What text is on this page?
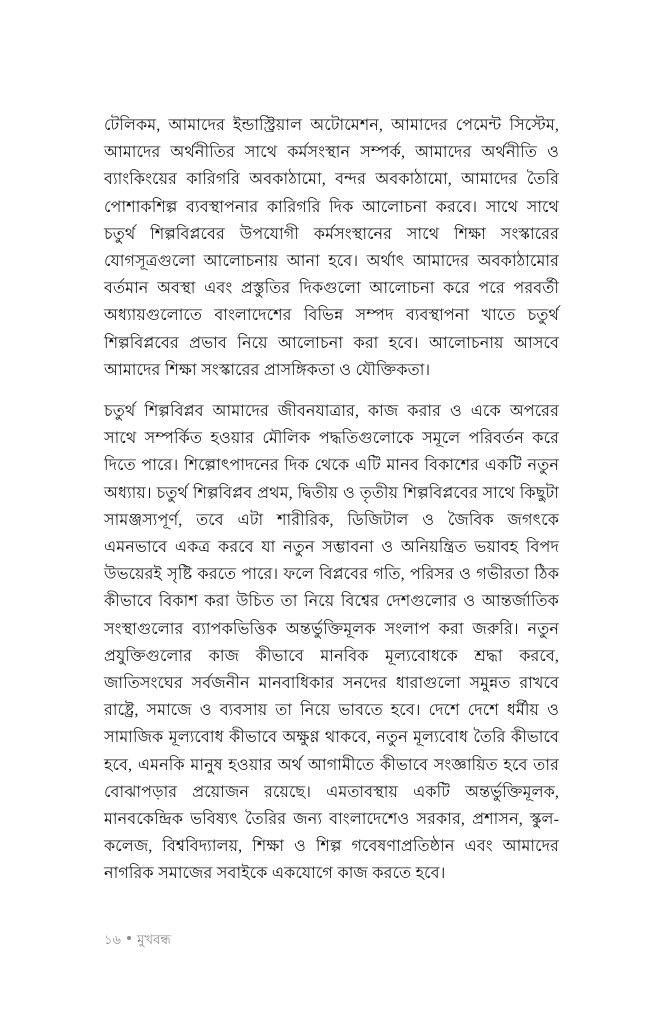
টেলিকম, আমাদের ইন্ডাস্ট্রিয়াল অটোমেশন, আমাদের পেমেন্ট সিস্টেম, আমাদের অর্থনীতির সাথে কর্মসংস্থান সম্পর্ক, আমাদের অর্থনীতি ও ব্যাংকিংয়ের কারিগরি অবকাঠামো, বন্দর অবকাঠামো, আমাদের তৈরি পোশাকশিল্প ব্যবস্থাপনার কারিগরি দিক আলোচনা করবে। সাথে সাথে চতুর্থ শিল্পবিপ্লবের উপযোগী কর্মসংস্থানের সাথে শিক্ষা সংস্কারের যোগসূত্রগুলো আলোচনায় আনা হবে। অর্থাৎ আমাদের অবকাঠামোর বর্তমান অবস্থা এবং প্রস্তুতির দিকগুলো আলোচনা করে পরে পরবর্তী অধ্যায়গুলোতে বাংলাদেশের বিভিন্ন সম্পদ ব্যবস্থাপনা খাতে চতুর্থ শিল্পবিপ্লবের প্রভাব নিয়ে আলোচনা করা হবে। আলোচনায় আসবে আমাদের শিক্ষা সংস্কারের প্রাসঙ্গিকতা ও যৌক্তিকতা।

চতুর্থ শিল্পবিপ্লব আমাদের জীবনযাত্রার, কাজ করার ও একে অপরের সাথে সম্পর্কিত হওয়ার মৌলিক পদ্ধতিগুলোকে সমূলে পরিবর্তন করে দিতে পারে। শিল্পোৎপাদনের দিক থেকে এটি মানব বিকাশের একটি নতুন অধ্যায়। চতুর্থ শিল্পবিপ্লব প্রথম, দ্বিতীয় ও তৃতীয় শিল্পবিপ্লবের সাথে কিছুটা সামঞ্জস্যপূর্ণ, তবে এটা শারীরিক, ডিজিটাল ও জৈবিক জগৎকে এমনভাবে একত্র করবে যা নতুন সম্ভাবনা ও অনিয়ন্ত্রিত ভয়াবহ বিপদ উভয়েরই সৃষ্টি করতে পারে। ফলে বিপ্লবের গতি, পরিসর ও গভীরতা ঠিক কীভাবে বিকাশ করা উচিত তা নিয়ে বিশ্বের দেশগুলোর ও আন্তর্জাতিক সংস্থাগুলোর ব্যাপকভিত্তিক অন্তর্ভুক্তিমূলক সংলাপ করা জরুরি। নতুন প্রযুক্তিগুলোর কাজ কীভাবে মানবিক মূল্যবোধকে শ্রদ্ধা করবে, জাতিসংঘের সর্বজনীন মানবাধিকার সনদের ধারাগুলো সমুন্নত রাখবে রাষ্ট্রে, সমাজে ও ব্যবসায় তা নিয়ে ভাবতে হবে। দেশে দেশে ধর্মীয় ও সামাজিক মূল্যবোধ কীভাবে অক্ষুণ্ণ থাকবে, নতুন মূল্যবোধ তৈরি কীভাবে হবে, এমনকি মানুষ হওয়ার অর্থ আগামীতে কীভাবে সংজ্ঞায়িত হবে তার বোঝাপড়ার প্রয়োজন রয়েছে। এমতাবস্থায় একটি অন্তর্ভুক্তিমূলক, মানবকেন্দ্রিক ভবিষ্যৎ তৈরির জন্য বাংলাদেশেও সরকার, প্রশাসন, স্কুল-কলেজ, বিশ্ববিদ্যালয়, শিক্ষা ও শিল্প গবেষণাপ্রতিষ্ঠান এবং আমাদের নাগরিক সমাজের সবাইকে একযোগে কাজ করতে হবে।

১৬ মুখবন্ধ
